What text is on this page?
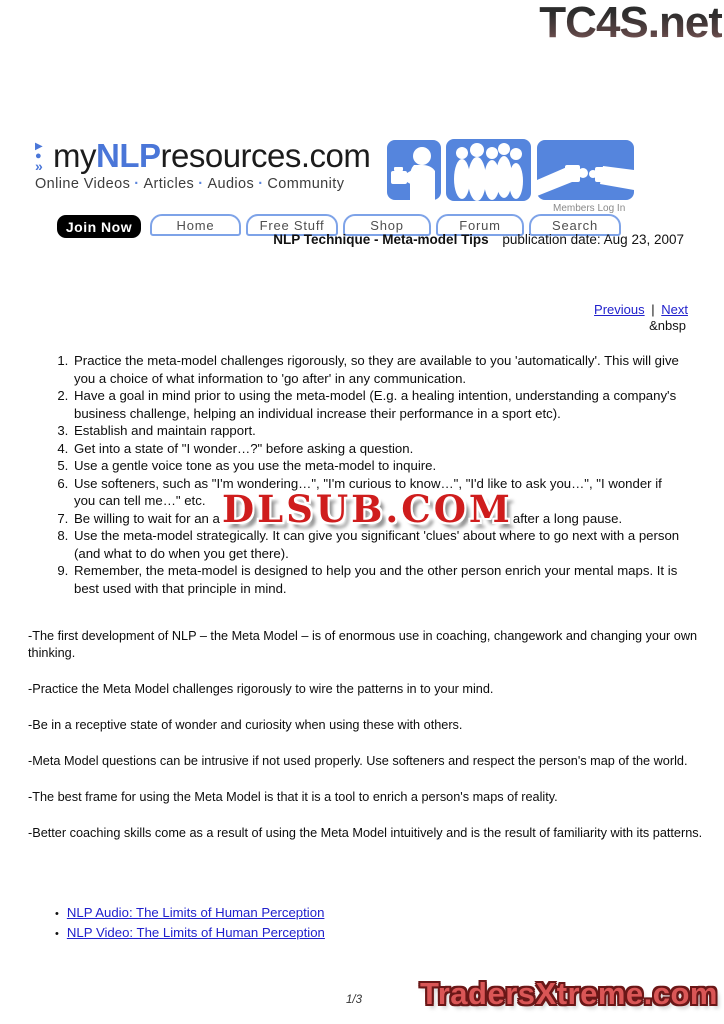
TC4S.net
▶
●
» myNLPresources.com
Online Videos · Articles · Audios · Community
Members Log In
Join Now	Home	Free Stuff	Shop	Forum	Search
NLP Technique - Meta-model Tips publication date: Aug 23, 2007
Previous | Next
&nbsp
1. Practice the meta-model challenges rigorously, so they are available to you 'automatically'. This will give you a choice of what information to 'go after' in any communication.
2. Have a goal in mind prior to using the meta-model (E.g. a healing intention, understanding a company's business challenge, helping an individual increase their performance in a sport etc).
3. Establish and maintain rapport.
4. Get into a state of "I wonder…?" before asking a question.
5. Use a gentle voice tone as you use the meta-model to inquire.
6. Use softeners, such as "I'm wondering…", "I'm curious to know…", "I'd like to ask you…", "I wonder if you can tell me…" etc.
7. Be willing to wait for an a	after a long pause.
8. Use the meta-model strategically. It can give you significant 'clues' about where to go next with a person (and what to do when you get there).
9. Remember, the meta-model is designed to help you and the other person enrich your mental maps. It is best used with that principle in mind.
DLSUB.COM

-The first development of NLP – the Meta Model – is of enormous use in coaching, changework and changing your own thinking.

-Practice the Meta Model challenges rigorously to wire the patterns in to your mind.

-Be in a receptive state of wonder and curiosity when using these with others.

-Meta Model questions can be intrusive if not used properly. Use softeners and respect the person's map of the world.

-The best frame for using the Meta Model is that it is a tool to enrich a person's maps of reality.

-Better coaching skills come as a result of using the Meta Model intuitively and is the result of familiarity with its patterns.

• NLP Audio: The Limits of Human Perception
• NLP Video: The Limits of Human Perception
1/3 TradersXtreme.com
